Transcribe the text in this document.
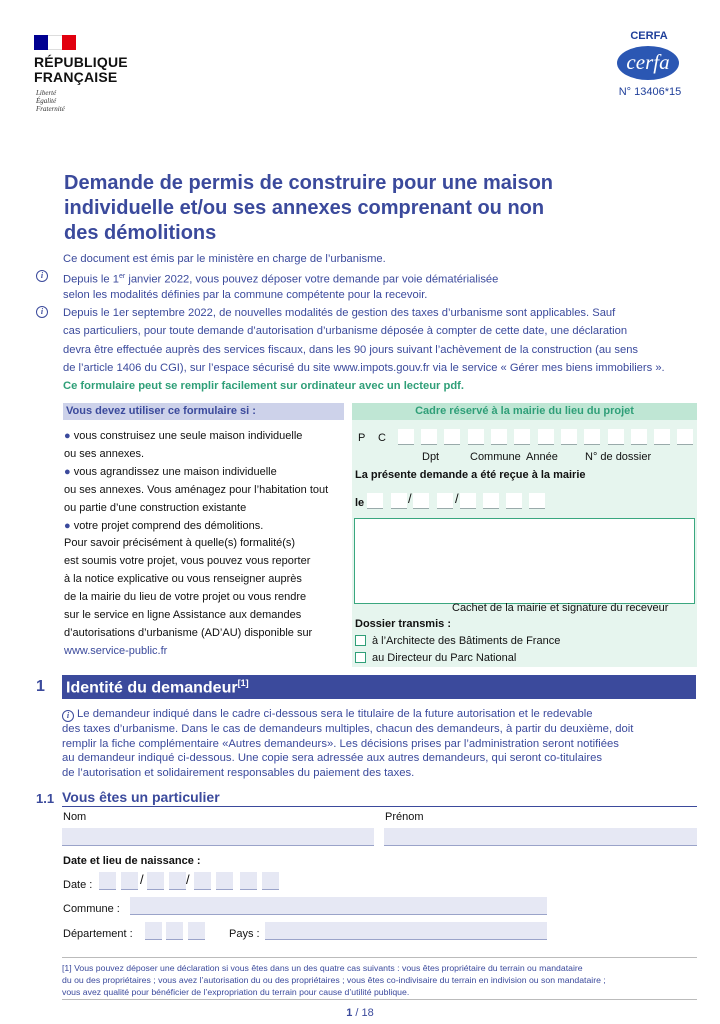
RÉPUBLIQUE
FRANÇAISE
Liberté
Égalité
Fraternité
CERFA
cerfa
N° 13406*15
Demande de permis de construire pour une maison
individuelle et/ou ses annexes comprenant ou non
des démolitions
Ce document est émis par le ministère en charge de l’urbanisme.
i	Depuis le 1er janvier 2022, vous pouvez déposer votre demande par voie dématérialisée
selon les modalités définies par la commune compétente pour la recevoir.
i	Depuis le 1er septembre 2022, de nouvelles modalités de gestion des taxes d’urbanisme sont applicables. Sauf
cas particuliers, pour toute demande d’autorisation d’urbanisme déposée à compter de cette date, une déclaration
devra être effectuée auprès des services fiscaux, dans les 90 jours suivant l’achèvement de la construction (au sens
de l’article 1406 du CGI), sur l’espace sécurisé du site www.impots.gouv.fr via le service « Gérer mes biens immobiliers ».
Ce formulaire peut se remplir facilement sur ordinateur avec un lecteur pdf.
Vous devez utiliser ce formulaire si :
● vous construisez une seule maison individuelle
ou ses annexes.
● vous agrandissez une maison individuelle
ou ses annexes. Vous aménagez pour l’habitation tout
ou partie d’une construction existante
● votre projet comprend des démolitions.
Pour savoir précisément à quelle(s) formalité(s)
est soumis votre projet, vous pouvez vous reporter
à la notice explicative ou vous renseigner auprès
de la mairie du lieu de votre projet ou vous rendre
sur le service en ligne Assistance aux demandes
d’autorisations d’urbanisme (AD’AU) disponible sur
www.service-public.fr
Cadre réservé à la mairie du lieu du projet
P C
Dpt	Commune Année N° de dossier
La présente demande a été reçue à la mairie
le	/	/
Cachet de la mairie et signature du receveur
Dossier transmis :
à l’Architecte des Bâtiments de France
au Directeur du Parc National
1 Identité du demandeur[1]
i Le demandeur indiqué dans le cadre ci-dessous sera le titulaire de la future autorisation et le redevable
des taxes d’urbanisme. Dans le cas de demandeurs multiples, chacun des demandeurs, à partir du deuxième, doit
remplir la fiche complémentaire «Autres demandeurs». Les décisions prises par l’administration seront notifiées
au demandeur indiqué ci-dessous. Une copie sera adressée aux autres demandeurs, qui seront co-titulaires
de l’autorisation et solidairement responsables du paiement des taxes.
1.1 Vous êtes un particulier
Nom	Prénom
Date et lieu de naissance :
Date :	/	/
Commune :
Département :	Pays :
[1] Vous pouvez déposer une déclaration si vous êtes dans un des quatre cas suivants : vous êtes propriétaire du terrain ou mandataire
du ou des propriétaires ; vous avez l’autorisation du ou des propriétaires ; vous êtes co-indivisaire du terrain en indivision ou son mandataire ;
vous avez qualité pour bénéficier de l’expropriation du terrain pour cause d’utilité publique.
1 / 18
